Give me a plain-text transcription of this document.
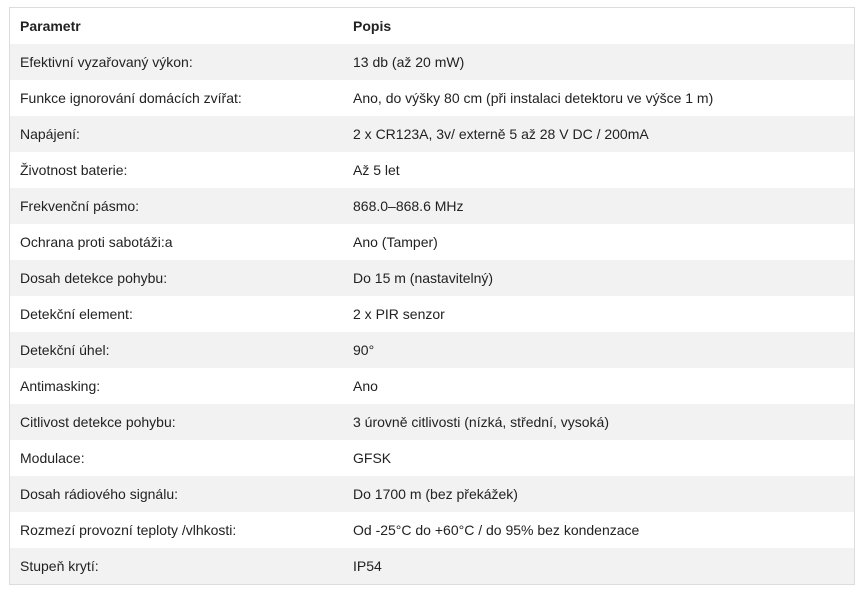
Parametr	Popis
Efektivní vyzařovaný výkon:	13 db (až 20 mW)
Funkce ignorování domácích zvířat:	Ano, do výšky 80 cm (při instalaci detektoru ve výšce 1 m)
Napájení:	2 x CR123A, 3v/ externě 5 až 28 V DC / 200mA
Životnost baterie:	Až 5 let
Frekvenční pásmo:	868.0–868.6 MHz
Ochrana proti sabotáži:a	Ano (Tamper)
Dosah detekce pohybu:	Do 15 m (nastavitelný)
Detekční element:	2 x PIR senzor
Detekční úhel:	90°
Antimasking:	Ano
Citlivost detekce pohybu:	3 úrovně citlivosti (nízká, střední, vysoká)
Modulace:	GFSK
Dosah rádiového signálu:	Do 1700 m (bez překážek)
Rozmezí provozní teploty /vlhkosti:	Od -25°C do +60°C / do 95% bez kondenzace
Stupeň krytí:	IP54
